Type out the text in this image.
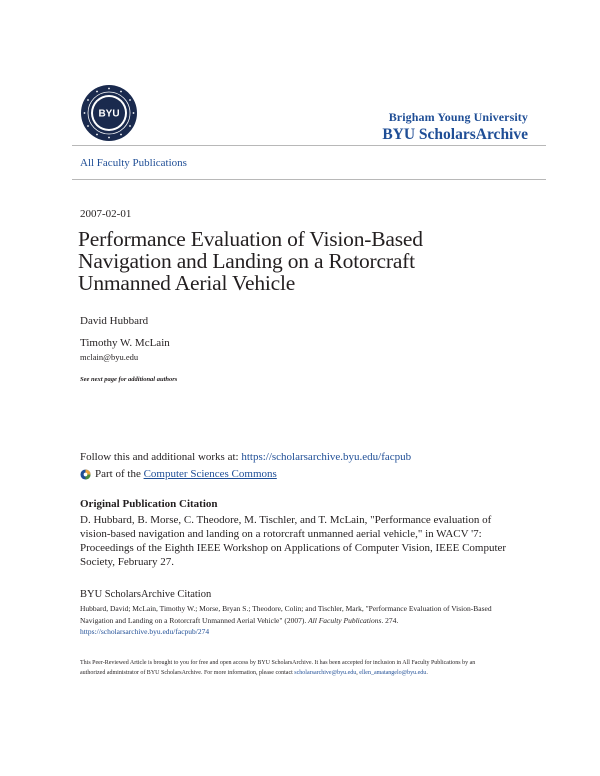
BYU	Brigham Young University
BYU ScholarsArchive
All Faculty Publications
2007-02-01
Performance Evaluation of Vision-Based Navigation and Landing on a Rotorcraft Unmanned Aerial Vehicle
David Hubbard
Timothy W. McLain
mclain@byu.edu
See next page for additional authors
Follow this and additional works at: https://scholarsarchive.byu.edu/facpub
Part of the
Computer Sciences Commons
Original Publication Citation
D. Hubbard, B. Morse, C. Theodore, M. Tischler, and T. McLain, "Performance evaluation of vision-based navigation and landing on a rotorcraft unmanned aerial vehicle," in WACV '7: Proceedings of the Eighth IEEE Workshop on Applications of Computer Vision, IEEE Computer Society, February 27.
BYU ScholarsArchive Citation
Hubbard, David; McLain, Timothy W.; Morse, Bryan S.; Theodore, Colin; and Tischler, Mark, "Performance Evaluation of Vision-Based Navigation and Landing on a Rotorcraft Unmanned Aerial Vehicle" (2007). All Faculty Publications. 274.
https://scholarsarchive.byu.edu/facpub/274
This Peer-Reviewed Article is brought to you for free and open access by BYU ScholarsArchive. It has been accepted for inclusion in All Faculty Publications by an authorized administrator of BYU ScholarsArchive. For more information, please contact scholarsarchive@byu.edu, ellen_amatangelo@byu.edu.
